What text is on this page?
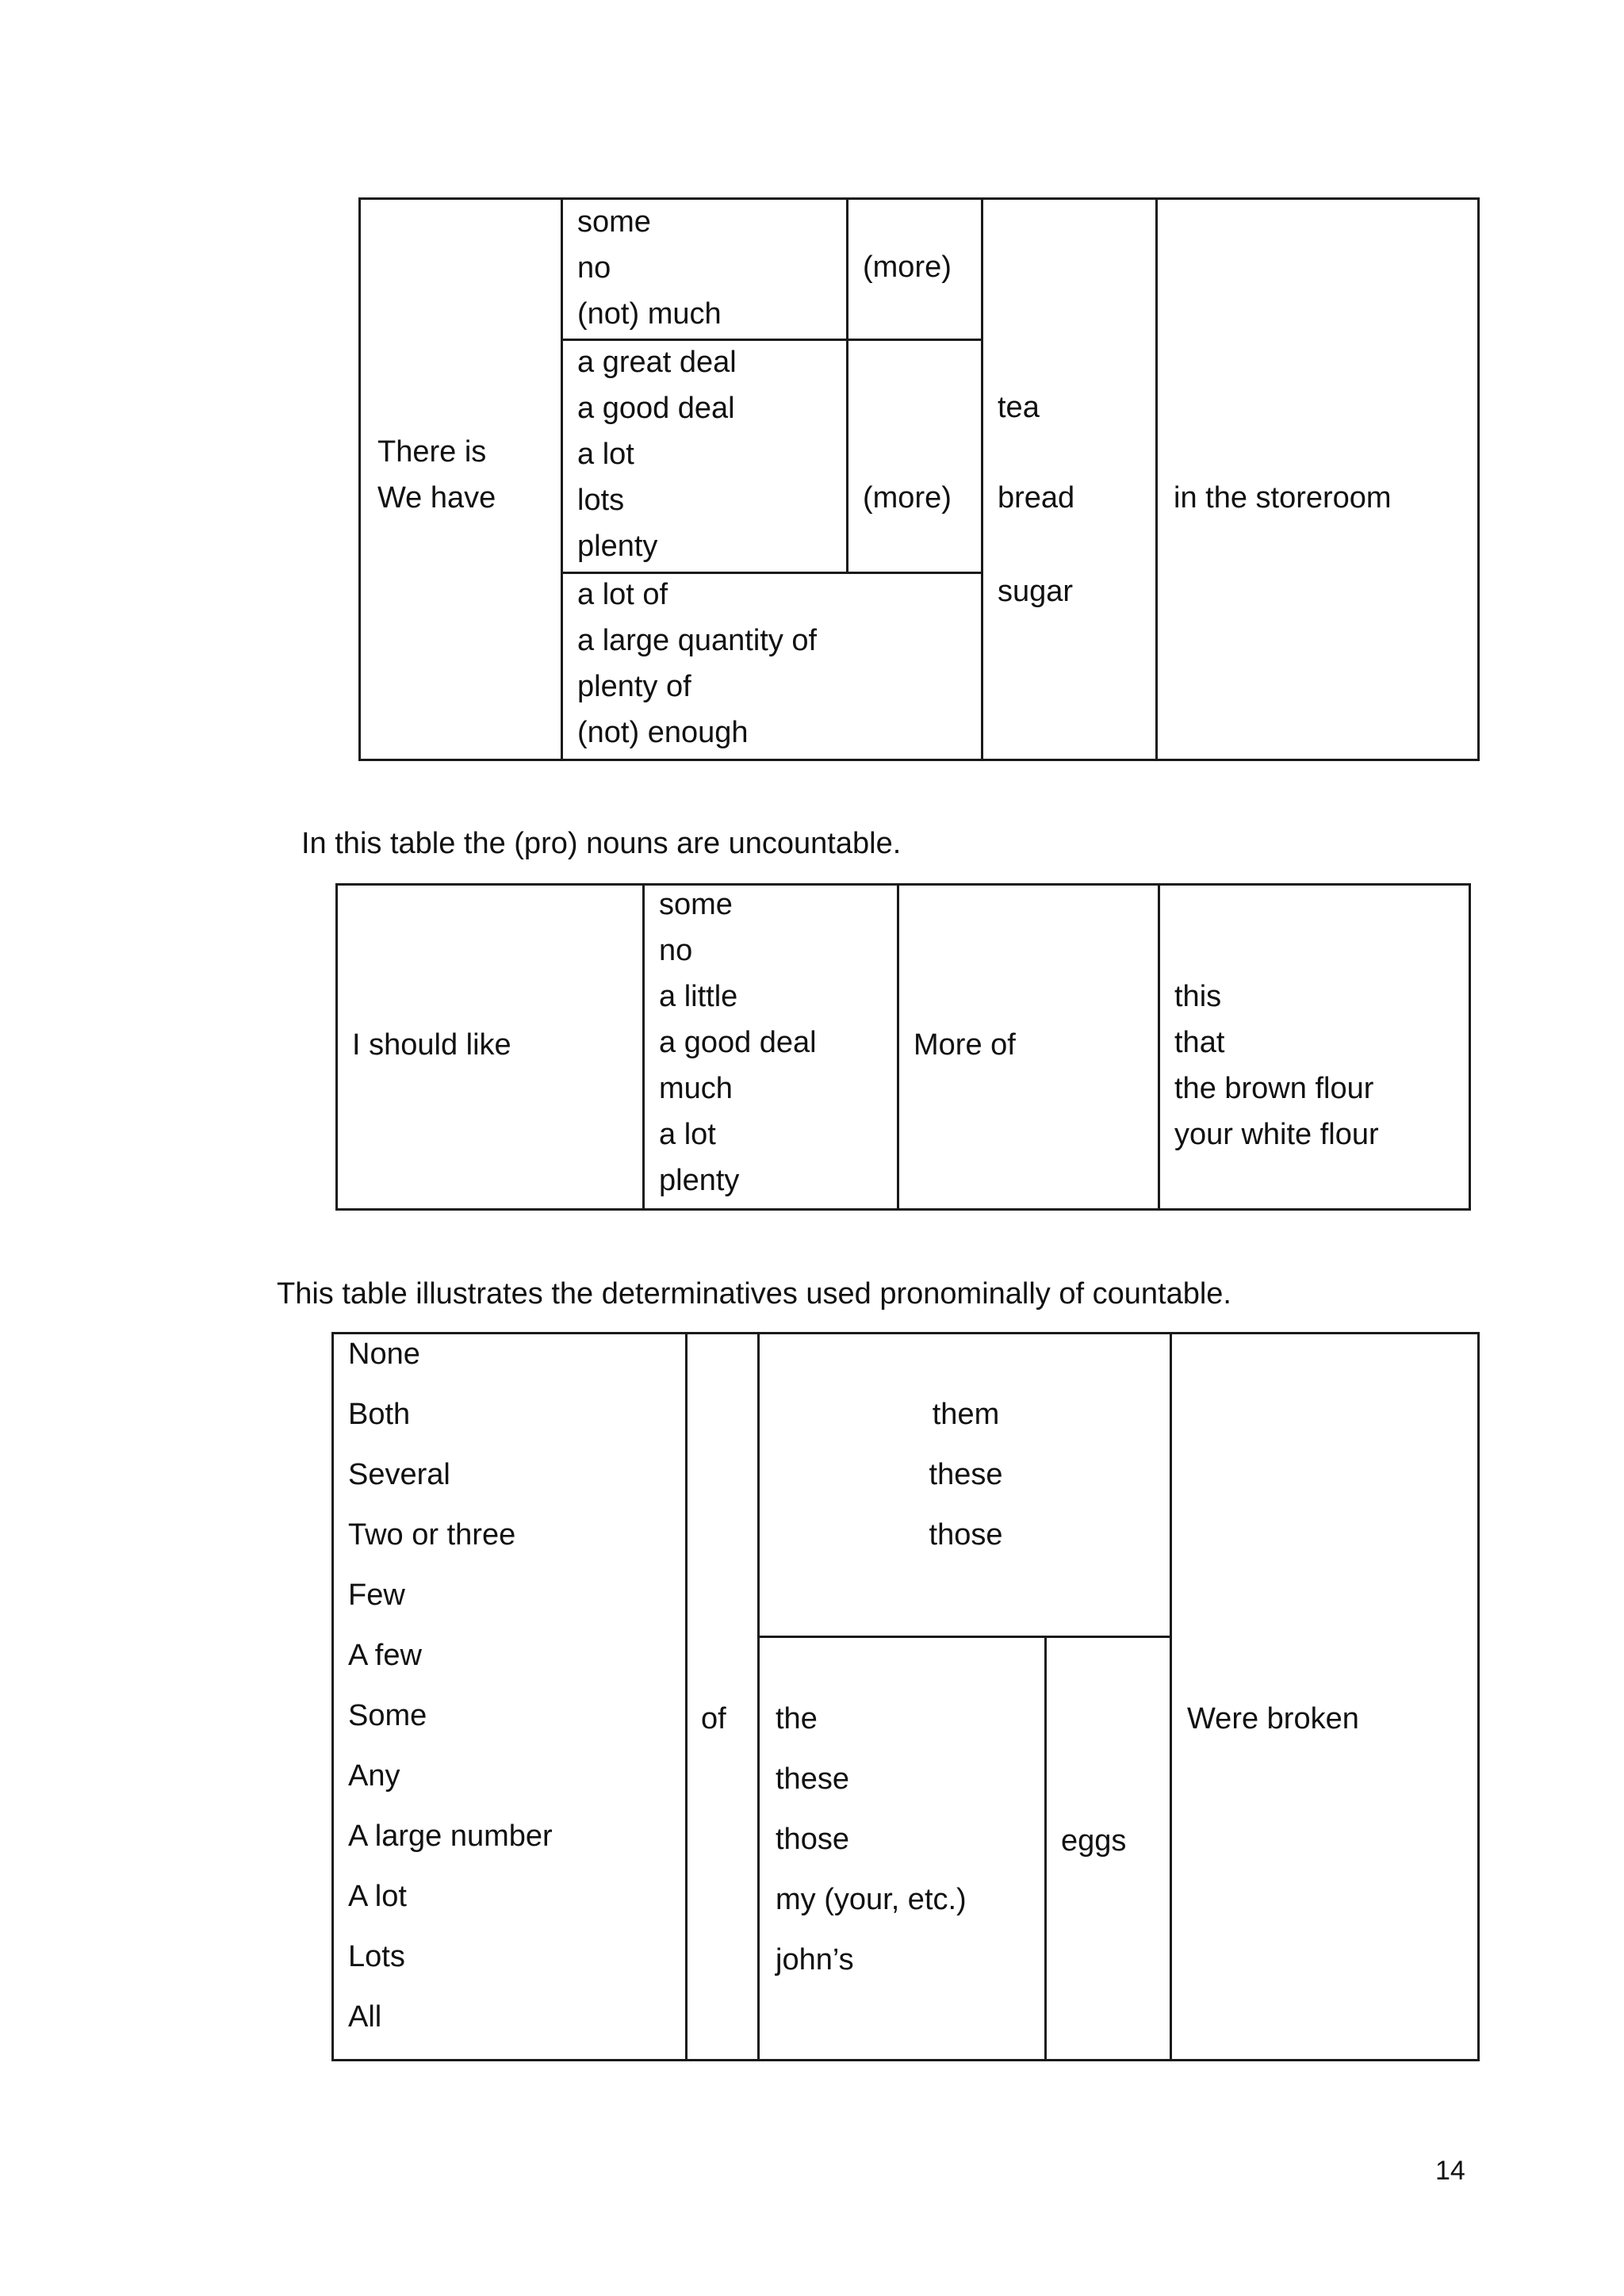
There is
We have
some
no
(not) much
(more)
a great deal
a good deal
a lot
lots
plenty
(more)
a lot of
a large quantity of
plenty of
(not) enough
tea
bread
sugar
in the storeroom
In this table the (pro) nouns are uncountable.
I should like
some
no
a little
a good deal
much
a lot
plenty
More of
this
that
the brown flour
your white flour
This table illustrates the determinatives used pronominally of countable.
None
Both
Several
Two or three
Few
A few
Some
Any
A large number
A lot
Lots
All
of
them
these
those
the
these
those
my (your, etc.)
john’s
eggs
Were broken
14
